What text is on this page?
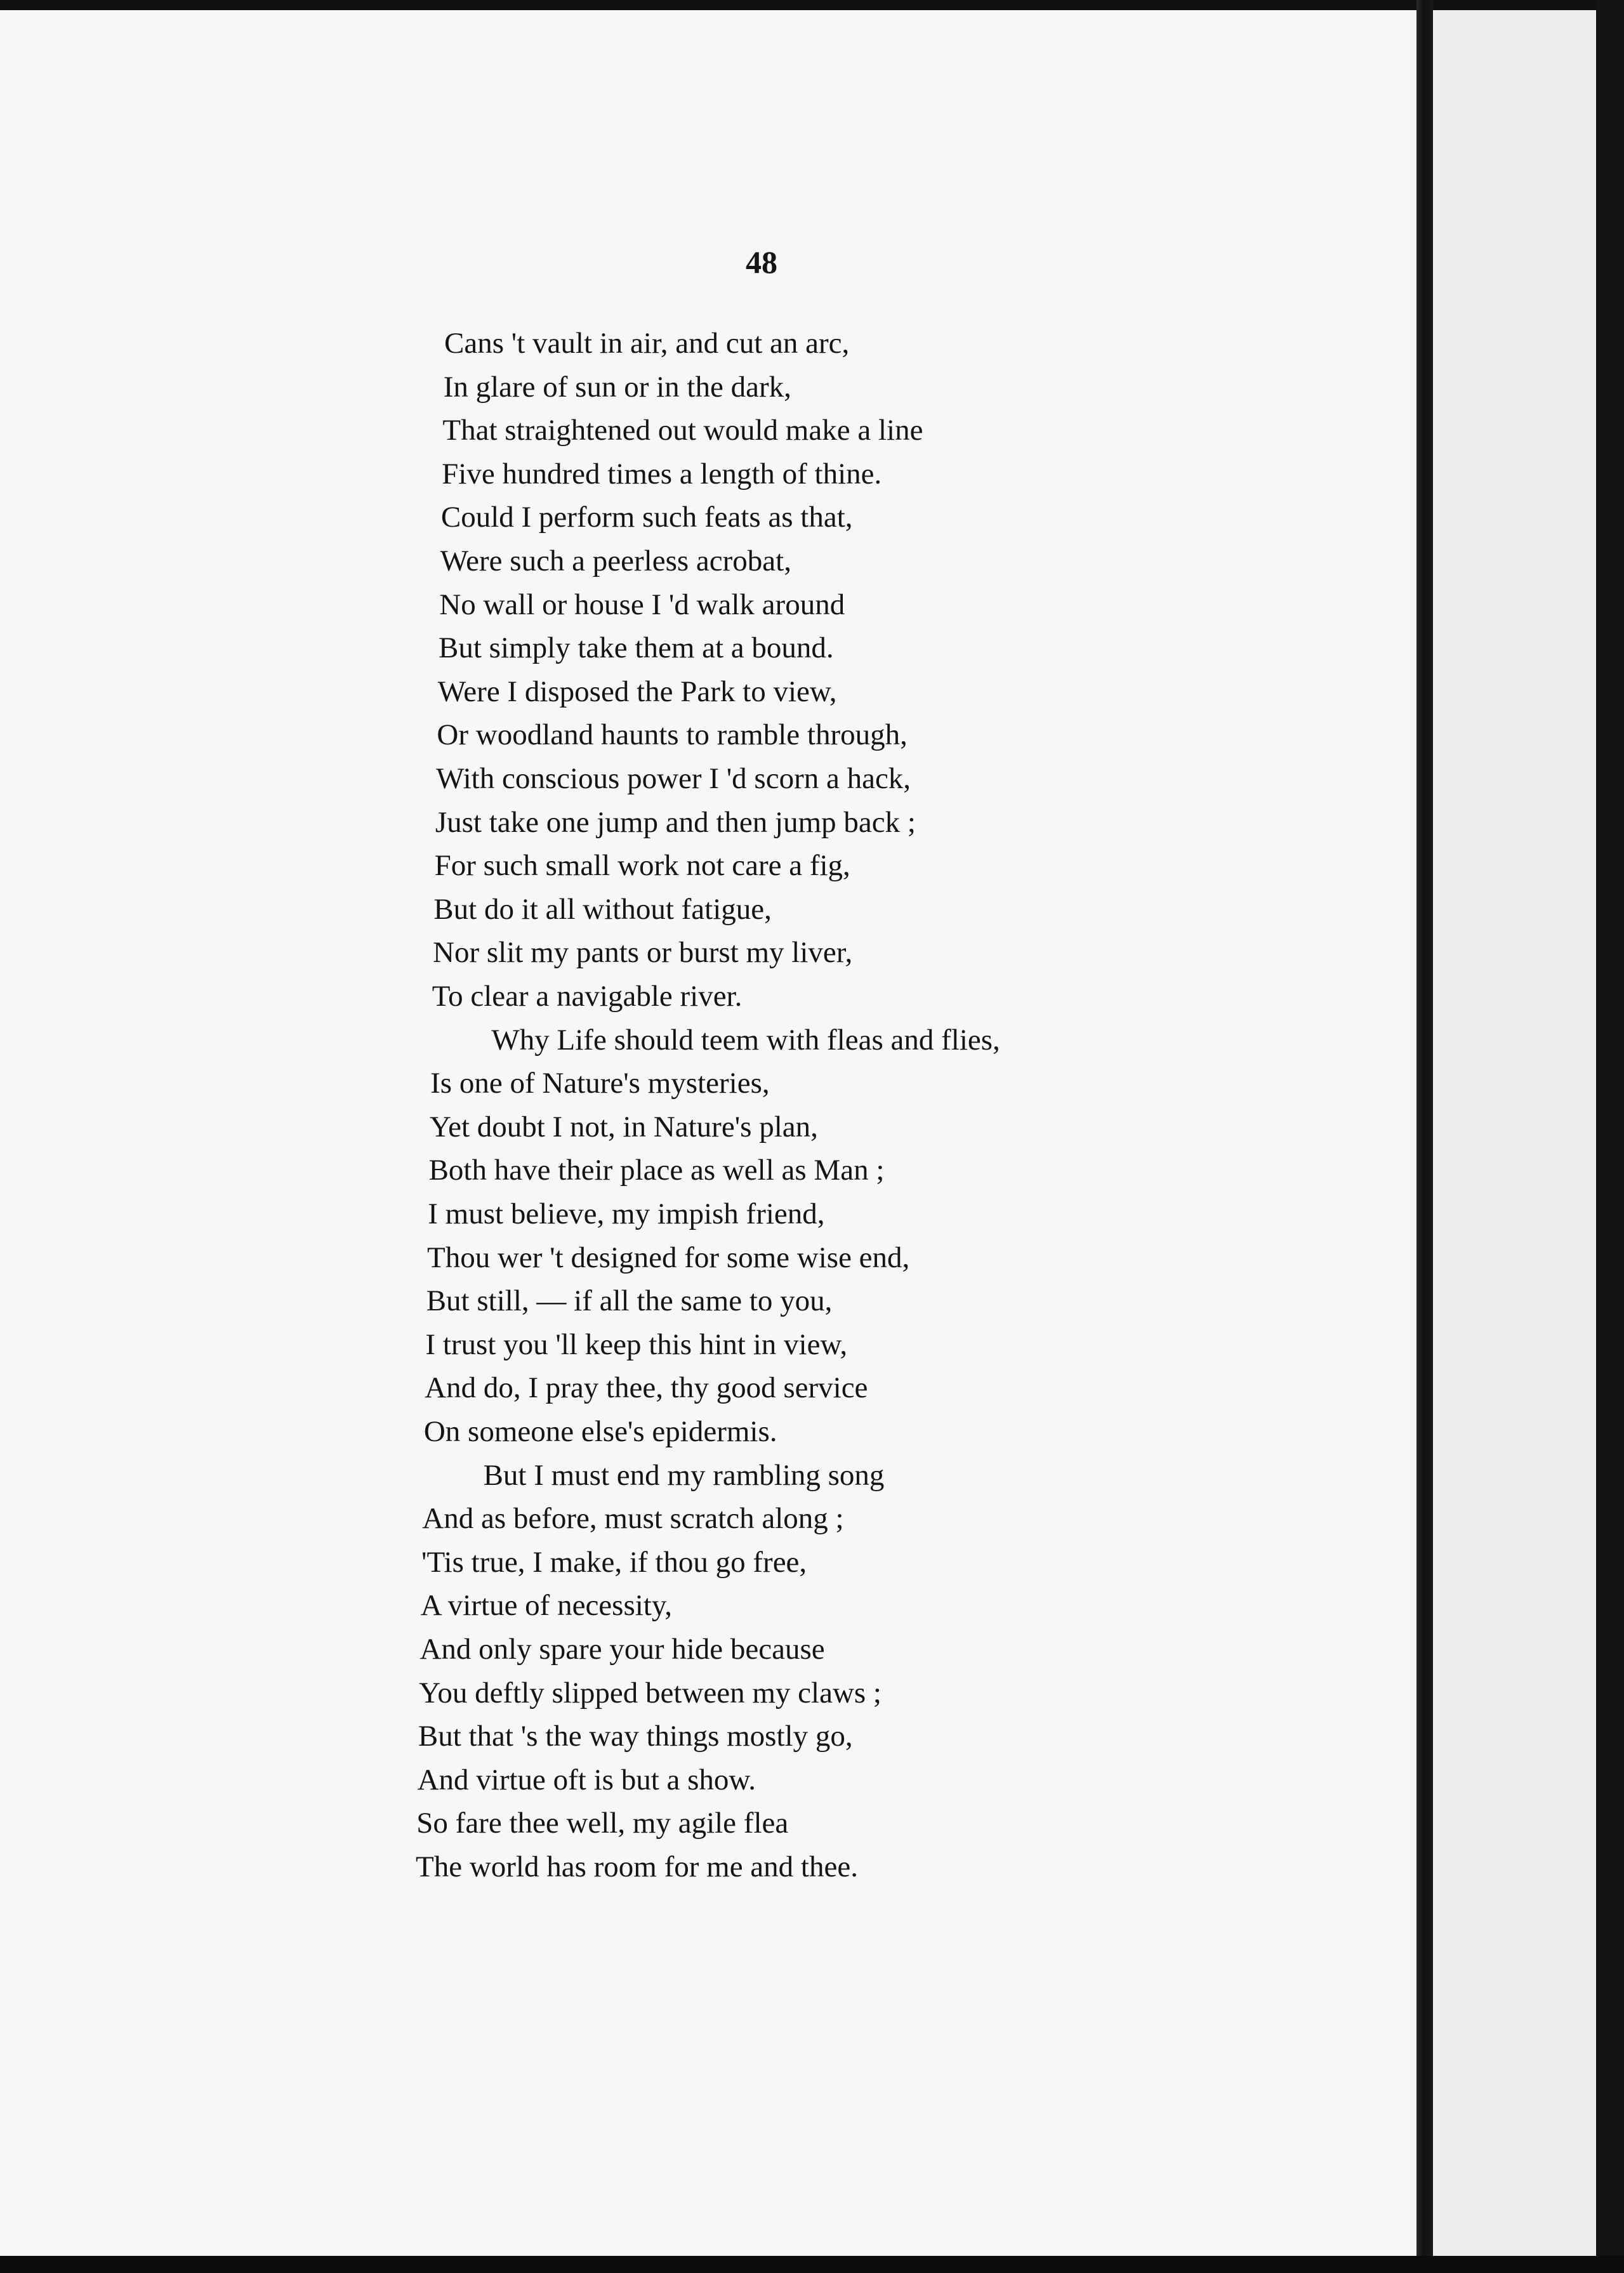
48
Cans 't vault in air, and cut an arc,
In glare of sun or in the dark,
That straightened out would make a line
Five hundred times a length of thine.
Could I perform such feats as that,
Were such a peerless acrobat,
No wall or house I 'd walk around
But simply take them at a bound.
Were I disposed the Park to view,
Or woodland haunts to ramble through,
With conscious power I 'd scorn a hack,
Just take one jump and then jump back ;
For such small work not care a fig,
But do it all without fatigue,
Nor slit my pants or burst my liver,
To clear a navigable river.
Why Life should teem with fleas and flies,
Is one of Nature's mysteries,
Yet doubt I not, in Nature's plan,
Both have their place as well as Man ;
I must believe, my impish friend,
Thou wer 't designed for some wise end,
But still, — if all the same to you,
I trust you 'll keep this hint in view,
And do, I pray thee, thy good service
On someone else's epidermis.
But I must end my rambling song
And as before, must scratch along ;
'Tis true, I make, if thou go free,
A virtue of necessity,
And only spare your hide because
You deftly slipped between my claws ;
But that 's the way things mostly go,
And virtue oft is but a show.
So fare thee well, my agile flea
The world has room for me and thee.
